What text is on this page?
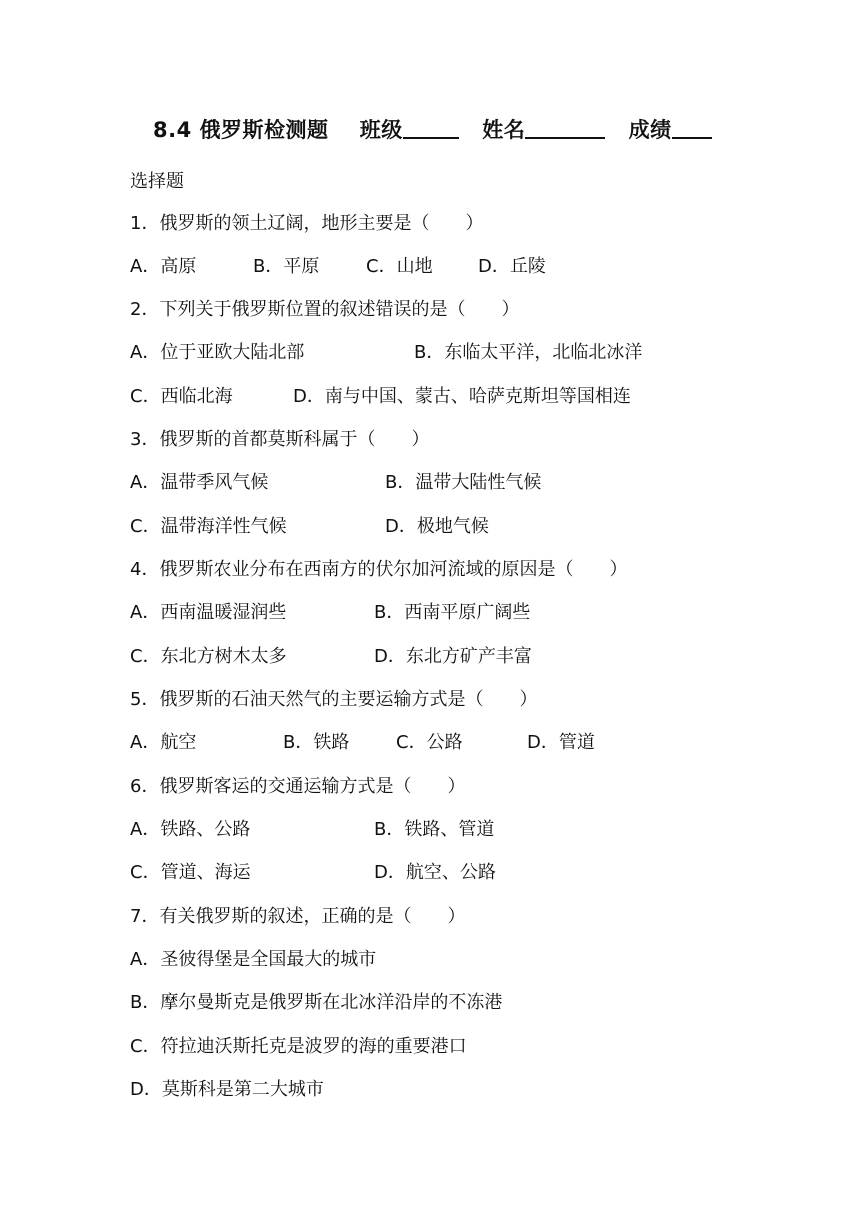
8.4 俄罗斯检测题 班级	姓名	成绩
选择题
1．俄罗斯的领土辽阔，地形主要是（　　）
A．高原	B．平原	C．山地	D．丘陵
2．下列关于俄罗斯位置的叙述错误的是（　　）
A．位于亚欧大陆北部	B．东临太平洋，北临北冰洋
C．西临北海	D．南与中国、蒙古、哈萨克斯坦等国相连
3．俄罗斯的首都莫斯科属于（　　）
A．温带季风气候	B．温带大陆性气候
C．温带海洋性气候	D．极地气候
4．俄罗斯农业分布在西南方的伏尔加河流域的原因是（　　）
A．西南温暖湿润些	B．西南平原广阔些
C．东北方树木太多	D．东北方矿产丰富
5．俄罗斯的石油天然气的主要运输方式是（　　）
A．航空	B．铁路	C．公路	D．管道
6．俄罗斯客运的交通运输方式是（　　）
A．铁路、公路	B．铁路、管道
C．管道、海运	D．航空、公路
7．有关俄罗斯的叙述，正确的是（　　）
A．圣彼得堡是全国最大的城市
B．摩尔曼斯克是俄罗斯在北冰洋沿岸的不冻港
C．符拉迪沃斯托克是波罗的海的重要港口
D．莫斯科是第二大城市
